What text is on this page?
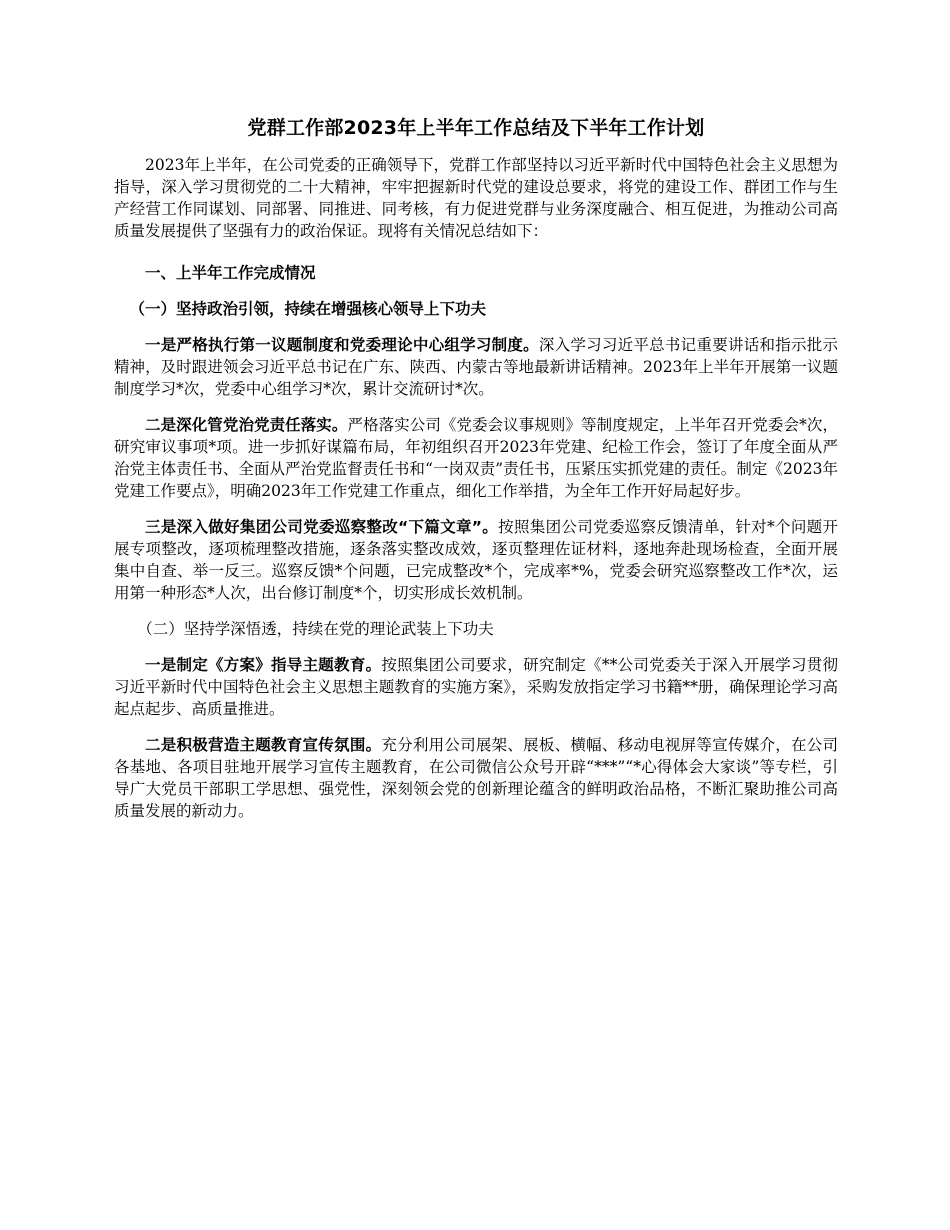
党群工作部2023年上半年工作总结及下半年工作计划

2023年上半年，在公司党委的正确领导下，党群工作部坚持以习近平新时代中国特色社会主义思想为指导，深入学习贯彻党的二十大精神，牢牢把握新时代党的建设总要求，将党的建设工作、群团工作与生产经营工作同谋划、同部署、同推进、同考核，有力促进党群与业务深度融合、相互促进，为推动公司高质量发展提供了坚强有力的政治保证。现将有关情况总结如下：

一、上半年工作完成情况

（一）坚持政治引领，持续在增强核心领导上下功夫

一是严格执行第一议题制度和党委理论中心组学习制度。深入学习习近平总书记重要讲话和指示批示精神，及时跟进领会习近平总书记在广东、陕西、内蒙古等地最新讲话精神。2023年上半年开展第一议题制度学习*次，党委中心组学习*次，累计交流研讨*次。

二是深化管党治党责任落实。严格落实公司《党委会议事规则》等制度规定，上半年召开党委会*次，研究审议事项*项。进一步抓好谋篇布局，年初组织召开2023年党建、纪检工作会，签订了年度全面从严治党主体责任书、全面从严治党监督责任书和“一岗双责”责任书，压紧压实抓党建的责任。制定《2023年党建工作要点》，明确2023年工作党建工作重点，细化工作举措，为全年工作开好局起好步。

三是深入做好集团公司党委巡察整改“下篇文章”。按照集团公司党委巡察反馈清单，针对*个问题开展专项整改，逐项梳理整改措施，逐条落实整改成效，逐页整理佐证材料，逐地奔赴现场检查，全面开展集中自查、举一反三。巡察反馈*个问题，已完成整改*个，完成率*%，党委会研究巡察整改工作*次，运用第一种形态*人次，出台修订制度*个，切实形成长效机制。

（二）坚持学深悟透，持续在党的理论武装上下功夫

一是制定《方案》指导主题教育。按照集团公司要求，研究制定《**公司党委关于深入开展学习贯彻习近平新时代中国特色社会主义思想主题教育的实施方案》，采购发放指定学习书籍**册，确保理论学习高起点起步、高质量推进。

二是积极营造主题教育宣传氛围。充分利用公司展架、展板、横幅、移动电视屏等宣传媒介，在公司各基地、各项目驻地开展学习宣传主题教育，在公司微信公众号开辟“***”“*心得体会大家谈”等专栏，引导广大党员干部职工学思想、强党性，深刻领会党的创新理论蕴含的鲜明政治品格，不断汇聚助推公司高质量发展的新动力。
